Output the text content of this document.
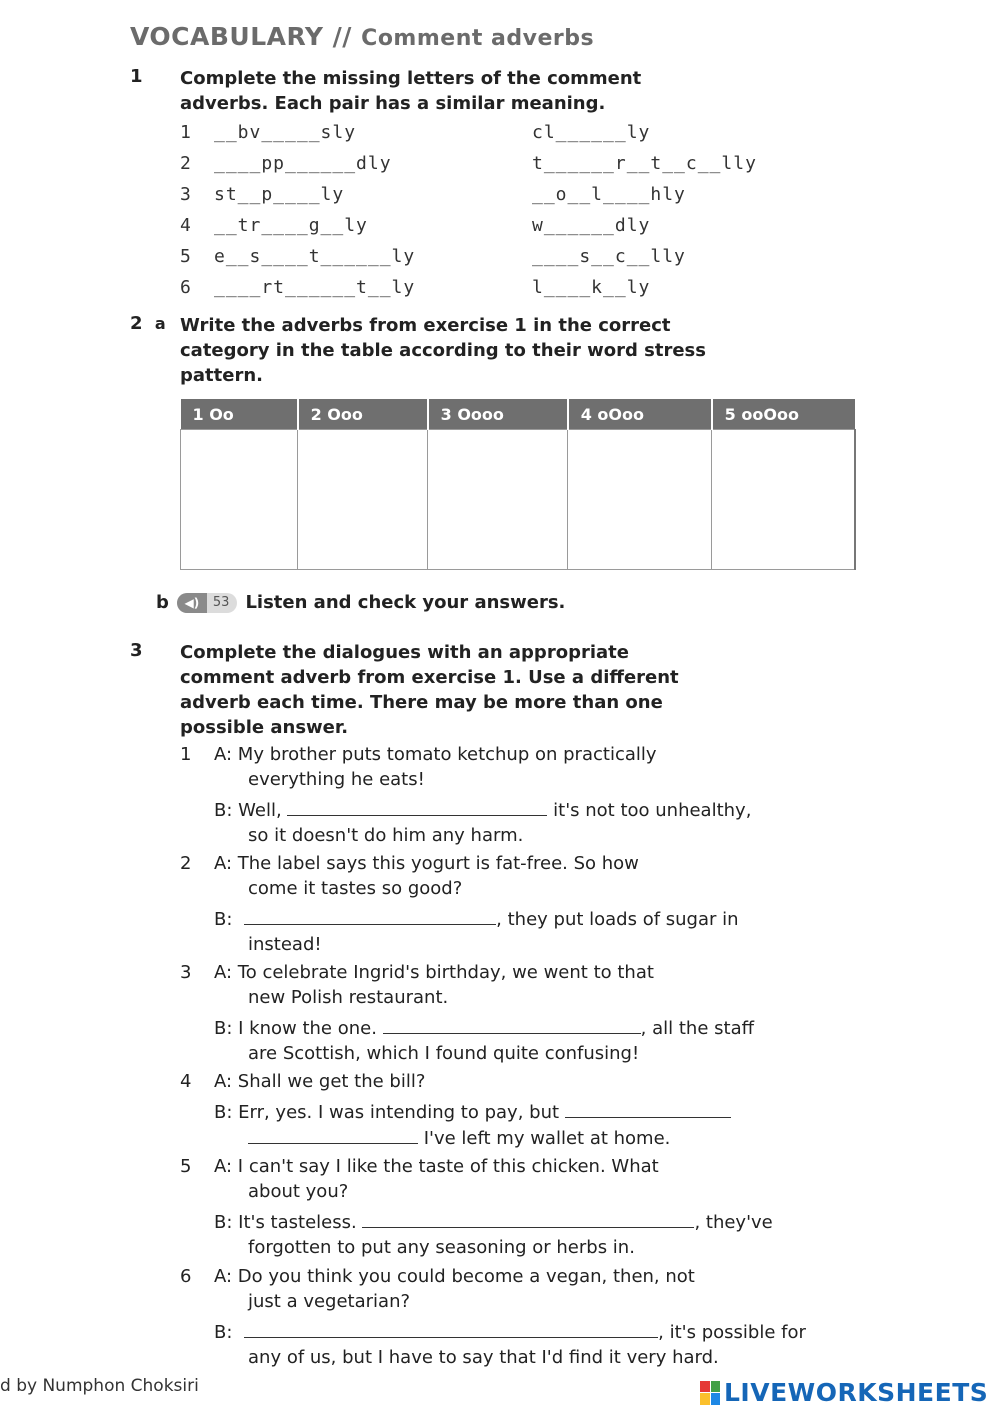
VOCABULARY // Comment adverbs
1 Complete the missing letters of the comment
adverbs. Each pair has a similar meaning.
1 __bv_____sly	cl______ly
2 ____pp______dly	t______r__t__c__lly
3 st__p____ly	__o__l____hly
4 __tr____g__ly	w______dly
5 e__s____t______ly	____s__c__lly
6 ____rt______t__ly	l____k__ly
2 a Write the adverbs from exercise 1 in the correct
category in the table according to their word stress
pattern.
1 Oo	2 Ooo	3 Oooo	4 oOoo	5 ooOoo

b	◀)	53 Listen and check your answers.
3 Complete the dialogues with an appropriate
comment adverb from exercise 1. Use a different
adverb each time. There may be more than one
possible answer.
1 A: My brother puts tomato ketchup on practically
everything he eats!
B: Well,	it's not too unhealthy,
so it doesn't do him any harm.
2 A: The label says this yogurt is fat-free. So how
come it tastes so good?
B:	, they put loads of sugar in
instead!
3 A: To celebrate Ingrid's birthday, we went to that
new Polish restaurant.
B: I know the one.	, all the staff
are Scottish, which I found quite confusing!
4 A: Shall we get the bill?
B: Err, yes. I was intending to pay, but
I've left my wallet at home.
5 A: I can't say I like the taste of this chicken. What
about you?
B: It's tasteless.	, they've
forgotten to put any seasoning or herbs in.
6 A: Do you think you could become a vegan, then, not
just a vegetarian?
B:	, it's possible for
any of us, but I have to say that I'd find it very hard.
d by Numphon Choksiri	LIVEWORKSHEETS
